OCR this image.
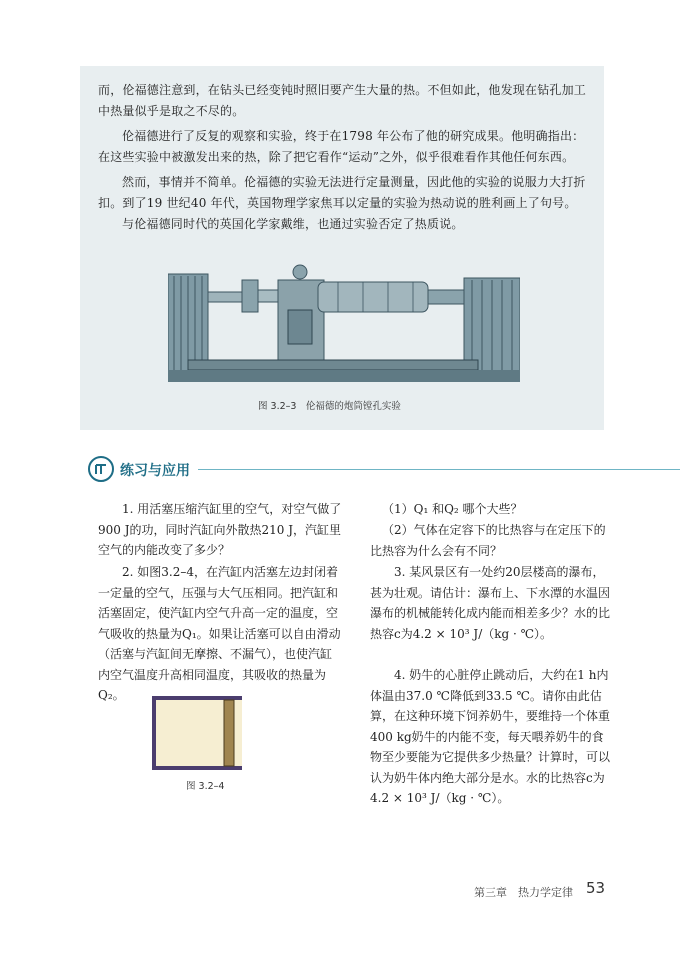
而，伦福德注意到，在钻头已经变钝时照旧要产生大量的热。不但如此，他发现在钻孔加工中热量似乎是取之不尽的。

伦福德进行了反复的观察和实验，终于在1798 年公布了他的研究成果。他明确指出：在这些实验中被激发出来的热，除了把它看作“运动”之外，似乎很难看作其他任何东西。

然而，事情并不简单。伦福德的实验无法进行定量测量，因此他的实验的说服力大打折扣。到了19 世纪40 年代，英国物理学家焦耳以定量的实验为热动说的胜利画上了句号。

与伦福德同时代的英国化学家戴维，也通过实验否定了热质说。

图 3.2–3　伦福德的炮筒镗孔实验
练习与应用

1. 用活塞压缩汽缸里的空气，对空气做了900 J的功，同时汽缸向外散热210 J，汽缸里空气的内能改变了多少？

2. 如图3.2–4，在汽缸内活塞左边封闭着一定量的空气，压强与大气压相同。把汽缸和活塞固定，使汽缸内空气升高一定的温度，空气吸收的热量为Q₁。如果让活塞可以自由滑动（活塞与汽缸间无摩擦、不漏气），也使汽缸内空气温度升高相同温度，其吸收的热量为Q₂。

图 3.2–4

（1）Q₁ 和Q₂ 哪个大些？

（2）气体在定容下的比热容与在定压下的比热容为什么会有不同？

3. 某风景区有一处约20层楼高的瀑布，甚为壮观。请估计：瀑布上、下水潭的水温因瀑布的机械能转化成内能而相差多少？水的比热容c为4.2 × 10³ J/（kg · ℃）。

4. 奶牛的心脏停止跳动后，大约在1 h内体温由37.0 ℃降低到33.5 ℃。请你由此估算，在这种环境下饲养奶牛，要维持一个体重400 kg奶牛的内能不变，每天喂养奶牛的食物至少要能为它提供多少热量？计算时，可以认为奶牛体内绝大部分是水。水的比热容c为4.2 × 10³ J/（kg · ℃）。

第三章　热力学定律 53
